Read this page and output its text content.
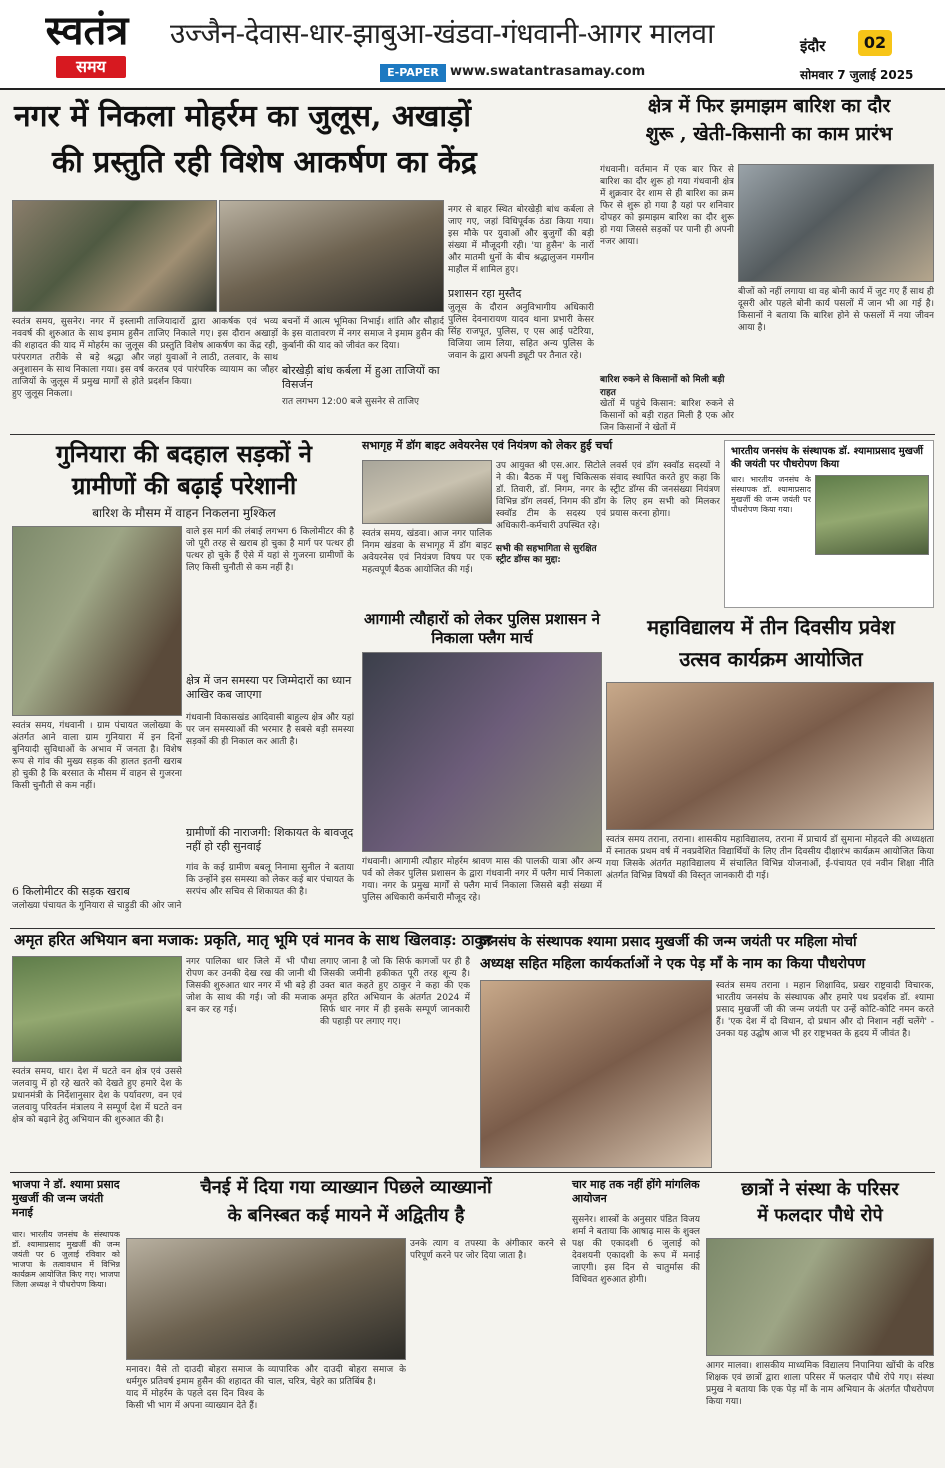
स्वतंत्र
समय
उज्जैन-देवास-धार-झाबुआ-खंडवा-गंधवानी-आगर मालवा
E-PAPER www.swatantrasamay.com
इंदौर	02
सोमवार 7 जुलाई 2025
नगर में निकला मोहर्रम का जुलूस, अखाड़ों
की प्रस्तुति रही विशेष आकर्षण का केंद्र
स्वतंत्र समय, सुसनेर। नगर में इस्लामी नववर्ष की शुरुआत के साथ इमाम हुसैन की शहादत की याद में मोहर्रम का जुलूस परंपरागत तरीके से बड़े श्रद्धा और अनुशासन के साथ निकाला गया। इस वर्ष ताजियों के जुलूस में प्रमुख मार्गों से होते हुए जुलूस निकला।
ताजियादारों द्वारा आकर्षक एवं भव्य ताजिए निकाले गए। इस दौरान अखाड़ों की प्रस्तुति विशेष आकर्षण का केंद्र रही, जहां युवाओं ने लाठी, तलवार, के साथ करतब एवं पारंपरिक व्यायाम का जौहर प्रदर्शन किया।
बचनों में आत्म भूमिका निभाई। शांति और सौहार्द के इस वातावरण में नगर समाज ने इमाम हुसैन की कुर्बानी की याद को जीवंत कर दिया।
बोरखेड़ी बांध कर्बला में हुआ ताजियों का विसर्जन
रात लगभग 12:00 बजे सुसनेर से ताजिए
नगर से बाहर स्थित बोरखेड़ी बांध कर्बला ले जाए गए, जहां विधिपूर्वक ठंडा किया गया। इस मौके पर युवाओं और बुजुर्गों की बड़ी संख्या में मौजूदगी रही। 'या हुसैन' के नारों और मातमी धुनों के बीच श्रद्धालुजन गमगीन माहौल में शामिल हुए।
प्रशासन रहा मुस्तैद
जुलूस के दौरान अनुविभागीय अधिकारी पुलिस देवनारायण यादव थाना प्रभारी केसर सिंह राजपूत, पुलिस, ए एस आई पटेरिया, विजिया जाम लिया, सहित अन्य पुलिस के जवान के द्वारा अपनी ड्यूटी पर तैनात रहे।
क्षेत्र में फिर झमाझम बारिश का दौर
शुरू , खेती-किसानी का काम प्रारंभ
गंधवानी। वर्तमान में एक बार फिर से बारिश का दौर शुरू हो गया गंधवानी क्षेत्र में शुक्रवार देर शाम से ही बारिश का क्रम फिर से शुरू हो गया है यहां पर शनिवार दोपहर को झमाझम बारिश का दौर शुरू हो गया जिससे सड़कों पर पानी ही अपनी नजर आया।
बारिश रुकने से किसानों को मिली बड़ी राहत
खेतों में पहुंचे किसान: बारिश रुकने से किसानों को बड़ी राहत मिली है एक ओर जिन किसानों ने खेतों में
बीजों को नहीं लगाया था वह बोनी कार्य में जुट गए हैं साथ ही दूसरी ओर पहले बोनी कार्य पसलों में जान भी आ गई है। किसानों ने बताया कि बारिश होने से फसलों में नया जीवन आया है।
गुनियारा की बदहाल सड़कों ने
ग्रामीणों की बढ़ाई परेशानी
बारिश के मौसम में वाहन निकलना मुश्किल
स्वतंत्र समय, गंधवानी । ग्राम पंचायत जलोख्या के अंतर्गत आने वाला ग्राम गुनियारा में इन दिनों बुनियादी सुविधाओं के अभाव में जनता है। विशेष रूप से गांव की मुख्य सड़क की हालत इतनी खराब हो चुकी है कि बरसात के मौसम में वाहन से गुजरना किसी चुनौती से कम नहीं।
6 किलोमीटर की सड़क खराब
जलोख्या पंचायत के गुनियारा से चाड़ुडी की ओर जाने
वाले इस मार्ग की लंबाई लगभग 6 किलोमीटर की है जो पूरी तरह से खराब हो चुका है मार्ग पर पत्थर ही पत्थर हो चुके हैं ऐसे में यहां से गुजरना ग्रामीणों के लिए किसी चुनौती से कम नहीं है।
क्षेत्र में जन समस्या पर जिम्मेदारों का ध्यान आखिर कब जाएगा
गंधवानी विकासखंड आदिवासी बाहुल्य क्षेत्र और यहां पर जन समस्याओं की भरमार है सबसे बड़ी समस्या सड़कों की ही निकाल कर आती है।
ग्रामीणों की नाराजगी: शिकायत के बावजूद नहीं हो रही सुनवाई
गांव के कई ग्रामीण बबलू निनामा सुनील ने बताया कि उन्होंने इस समस्या को लेकर कई बार पंचायत के सरपंच और सचिव से शिकायत की है।
सभागृह में डॉग बाइट अवेयरनेस एवं नियंत्रण को लेकर हुई चर्चा
स्वतंत्र समय, खंडवा। आज नगर पालिक निगम खंडवा के सभागृह में डॉग बाइट अवेयरनेस एवं नियंत्रण विषय पर एक महत्वपूर्ण बैठक आयोजित की गई।
उप आयुक्त श्री एस.आर. सिटोले ने की। बैठक में पशु चिकित्सक डॉ. तिवारी, डॉ. निगम, नगर के विभिन्न डॉग लवर्स, निगम की डॉग स्क्वॉड टीम के सदस्य एवं अधिकारी-कर्मचारी उपस्थित रहे।
सभी की सहभागिता से सुरक्षित स्ट्रीट डॉग्स का मुद्दा:
लवर्स एवं डॉग स्क्वॉड सदस्यों ने संवाद स्थापित करते हुए कहा कि स्ट्रीट डॉग्स की जनसंख्या नियंत्रण के लिए हम सभी को मिलकर प्रयास करना होगा।
भारतीय जनसंघ के संस्थापक डॉ. श्यामाप्रसाद मुखर्जी की जयंती पर पौधरोपण किया
धार। भारतीय जनसंघ के संस्थापक डॉ. श्यामाप्रसाद मुखर्जी की जन्म जयंती पर पौधरोपण किया गया।
आगामी त्यौहारों को लेकर पुलिस प्रशासन ने निकाला फ्लैग मार्च
गंधवानी। आगामी त्यौहार मोहर्रम श्रावण मास की पालकी यात्रा और अन्य पर्व को लेकर पुलिस प्रशासन के द्वारा गंधवानी नगर में फ्लैग मार्च निकाला गया। नगर के प्रमुख मार्गों से फ्लैग मार्च निकाला जिससे बड़ी संख्या में पुलिस अधिकारी कर्मचारी मौजूद रहे।
महाविद्यालय में तीन दिवसीय प्रवेश
उत्सव कार्यक्रम आयोजित
स्वतंत्र समय तराना, तराना। शासकीय महाविद्यालय, तराना में प्राचार्य डॉ सुमाना मोहदले की अध्यक्षता में स्नातक प्रथम वर्ष में नवप्रवेशित विद्यार्थियों के लिए तीन दिवसीय दीक्षारंभ कार्यक्रम आयोजित किया गया जिसके अंतर्गत महाविद्यालय में संचालित विभिन्न योजनाओं, ई-पंचायत एवं नवीन शिक्षा नीति अंतर्गत विभिन्न विषयों की विस्तृत जानकारी दी गई।
अमृत हरित अभियान बना मजाक: प्रकृति, मातृ भूमि एवं मानव के साथ खिलवाड़: ठाकुर
स्वतंत्र समय, धार। देश में घटते वन क्षेत्र एवं उससे जलवायु में हो रहे खतरे को देखते हुए हमारे देश के प्रधानमंत्री के निर्देशानुसार देश के पर्यावरण, वन एवं जलवायु परिवर्तन मंत्रालय ने सम्पूर्ण देश में घटते वन क्षेत्र को बढ़ाने हेतु अभियान की शुरुआत की है।
नगर पालिका धार जिले में भी पौधा रोपण कर उनकी देख रख की जानी थी जिसकी शुरुआत धार नगर में भी बड़े ही जोश के साथ की गई। जो की मजाक बन कर रह गई।
लगाए जाना है जो कि सिर्फ कागजों पर ही है जिसकी जमीनी हकीकत पूरी तरह शून्य है। उक्त बात कहते हुए ठाकुर ने कहा की एक अमृत हरित अभियान के अंतर्गत 2024 में सिर्फ धार नगर में ही इसके सम्पूर्ण जानकारी की पहाड़ी पर लगाए गए।
जनसंघ के संस्थापक श्यामा प्रसाद मुखर्जी की जन्म जयंती पर महिला मोर्चा
अध्यक्ष सहित महिला कार्यकर्ताओं ने एक पेड़ माँ के नाम का किया पौधरोपण
स्वतंत्र समय तराना । महान शिक्षाविद, प्रखर राष्ट्रवादी विचारक, भारतीय जनसंघ के संस्थापक और हमारे पथ प्रदर्शक डॉ. श्यामा प्रसाद मुखर्जी जी की जन्म जयंती पर उन्हें कोटि-कोटि नमन करते हैं। 'एक देश में दो विधान, दो प्रधान और दो निशान नहीं चलेंगे' - उनका यह उद्घोष आज भी हर राष्ट्रभक्त के हृदय में जीवंत है।
भाजपा ने डॉ. श्यामा प्रसाद मुखर्जी की जन्म जयंती मनाई
धार। भारतीय जनसंघ के संस्थापक डॉ. श्यामाप्रसाद मुखर्जी की जन्म जयंती पर 6 जुलाई रविवार को भाजपा के तत्वावधान में विभिन्न कार्यक्रम आयोजित किए गए। भाजपा जिला अध्यक्ष ने पौधरोपण किया।
चैनई में दिया गया व्याख्यान पिछले व्याख्यानों
के बनिस्बत कई मायने में अद्वितीय है
मनावर। वैसे तो दाउदी बोहरा समाज के धर्मगुरु प्रतिवर्ष इमाम हुसैन की शहादत की याद में मोहर्रम के पहले दस दिन विश्व के किसी भी भाग में अपना व्याख्यान देते हैं।
व्यापारिक और दाउदी बोहरा समाज के चाल, चरित्र, चेहरे का प्रतिबिंब है।
उनके त्याग व तपस्या के अंगीकार करने से परिपूर्ण करने पर जोर दिया जाता है।
चार माह तक नहीं होंगे मांगलिक आयोजन
सुसनेर। शास्त्रों के अनुसार पंडित विजय शर्मा ने बताया कि आषाढ़ मास के शुक्ल पक्ष की एकादशी 6 जुलाई को देवशयनी एकादशी के रूप में मनाई जाएगी। इस दिन से चातुर्मास की विधिवत शुरुआत होगी।
छात्रों ने संस्था के परिसर
में फलदार पौधे रोपे
आगर मालवा। शासकीय माध्यमिक विद्यालय निपानिया खोंची के वरिष्ठ शिक्षक एवं छात्रों द्वारा शाला परिसर में फलदार पौधे रोपे गए। संस्था प्रमुख ने बताया कि एक पेड़ माँ के नाम अभियान के अंतर्गत पौधरोपण किया गया।
